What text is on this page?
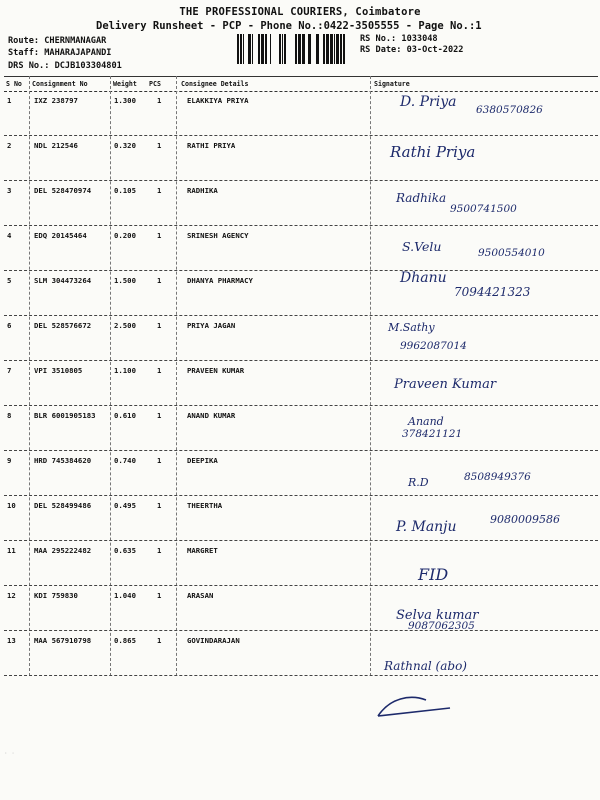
THE PROFESSIONAL COURIERS, Coimbatore
Delivery Runsheet - PCP - Phone No.:0422-3505555 - Page No.:1
Route: CHERNMANAGAR
Staff: MAHARAJAPANDI
DRS No.: DCJB103304801
RS No.: 1033048
RS Date: 03-Oct-2022
S No Consignment No	Weight PCS	Consignee Details	Signature
1	IXZ 238797	1.300	1	ELAKKIYA PRIYA	D. Priya 6380570826
2	NDL 212546	0.320	1	RATHI PRIYA	Rathi Priya
3	DEL 528470974	0.105	1	RADHIKA
Radhika
9500741500
4	EDQ 20145464	0.200	1	SRINESH AGENCY
S.Velu	9500554010
5	SLM 304473264	1.500	1	DHANYA PHARMACY	Dhanu
7094421323
6	DEL 528576672	2.500	1	PRIYA JAGAN	M.Sathy
9962087014
7	VPI 3510805	1.100	1	PRAVEEN KUMAR
Praveen Kumar
8	BLR 6001905183	0.610	1	ANAND KUMAR	Anand
378421121
9	HRD 745384620	0.740	1	DEEPIKA
R.D	8508949376
10 DEL 528499486	0.495	1	THEERTHA
P. Manju	9080009586
11 MAA 295222482	0.635	1	MARGRET
FID
12 KDI 759830	1.040	1	ARASAN
Selva kumar
9087062305
13 MAA 567910798	0.865	1	GOVINDARAJAN
Rathnal (abo)
· ·
